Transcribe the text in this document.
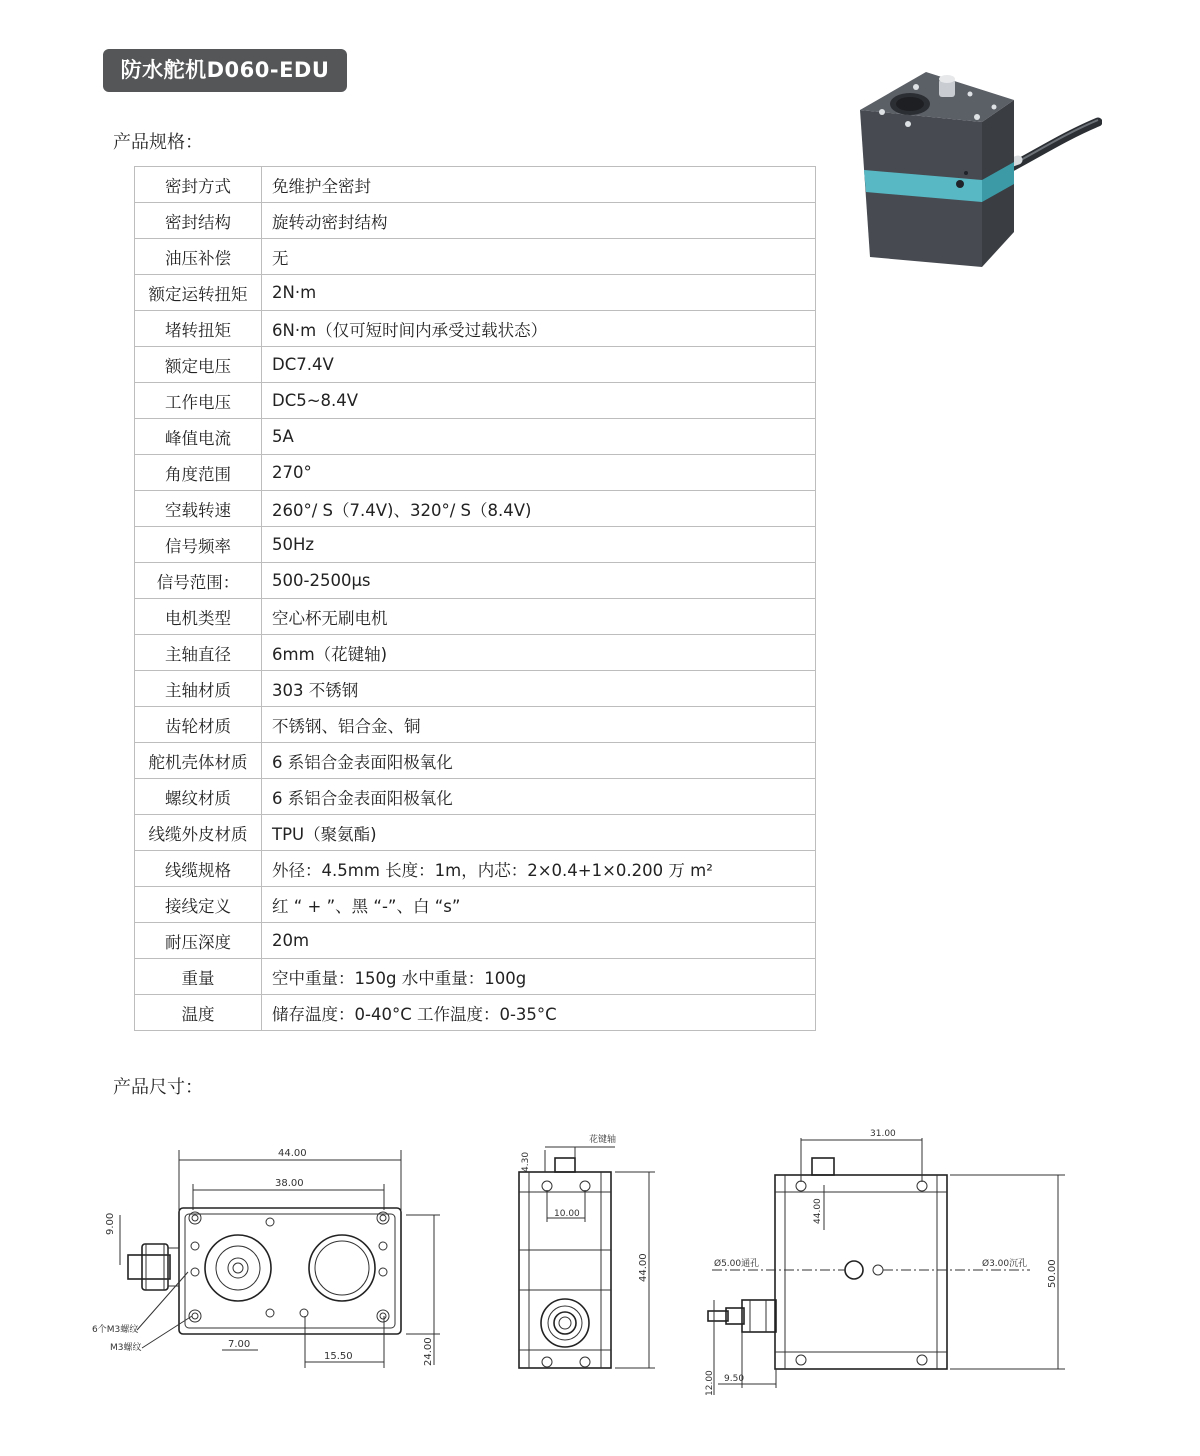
防水舵机D060-EDU
产品规格：
密封方式	免维护全密封
密封结构	旋转动密封结构
油压补偿	无
额定运转扭矩	2N·m
堵转扭矩	6N·m（仅可短时间内承受过载状态）
额定电压	DC7.4V
工作电压	DC5~8.4V
峰值电流	5A
角度范围	270°
空载转速	260°/ S（7.4V)、320°/ S（8.4V)
信号频率	50Hz
信号范围：	500-2500μs
电机类型	空心杯无刷电机
主轴直径	6mm（花键轴)
主轴材质	303 不锈钢
齿轮材质	不锈钢、铝合金、铜
舵机壳体材质	6 系铝合金表面阳极氧化
螺纹材质	6 系铝合金表面阳极氧化
线缆外皮材质	TPU（聚氨酯)
线缆规格	外径：4.5mm 长度：1m，内芯：2×0.4+1×0.200 万 m²
接线定义	红 “ + ”、黑 “-”、白 “s”
耐压深度	20m
重量	空中重量：150g 水中重量：100g
温度	储存温度：0-40°C 工作温度：0-35°C
产品尺寸：
44.00
38.00
9.00
15.50
7.00	24.00
6个M3螺纹
M3螺纹
4.30
花键轴
10.00
44.00
31.00
44.00
Ø5.00通孔	Ø3.00沉孔 50.00
12.00 9.50
